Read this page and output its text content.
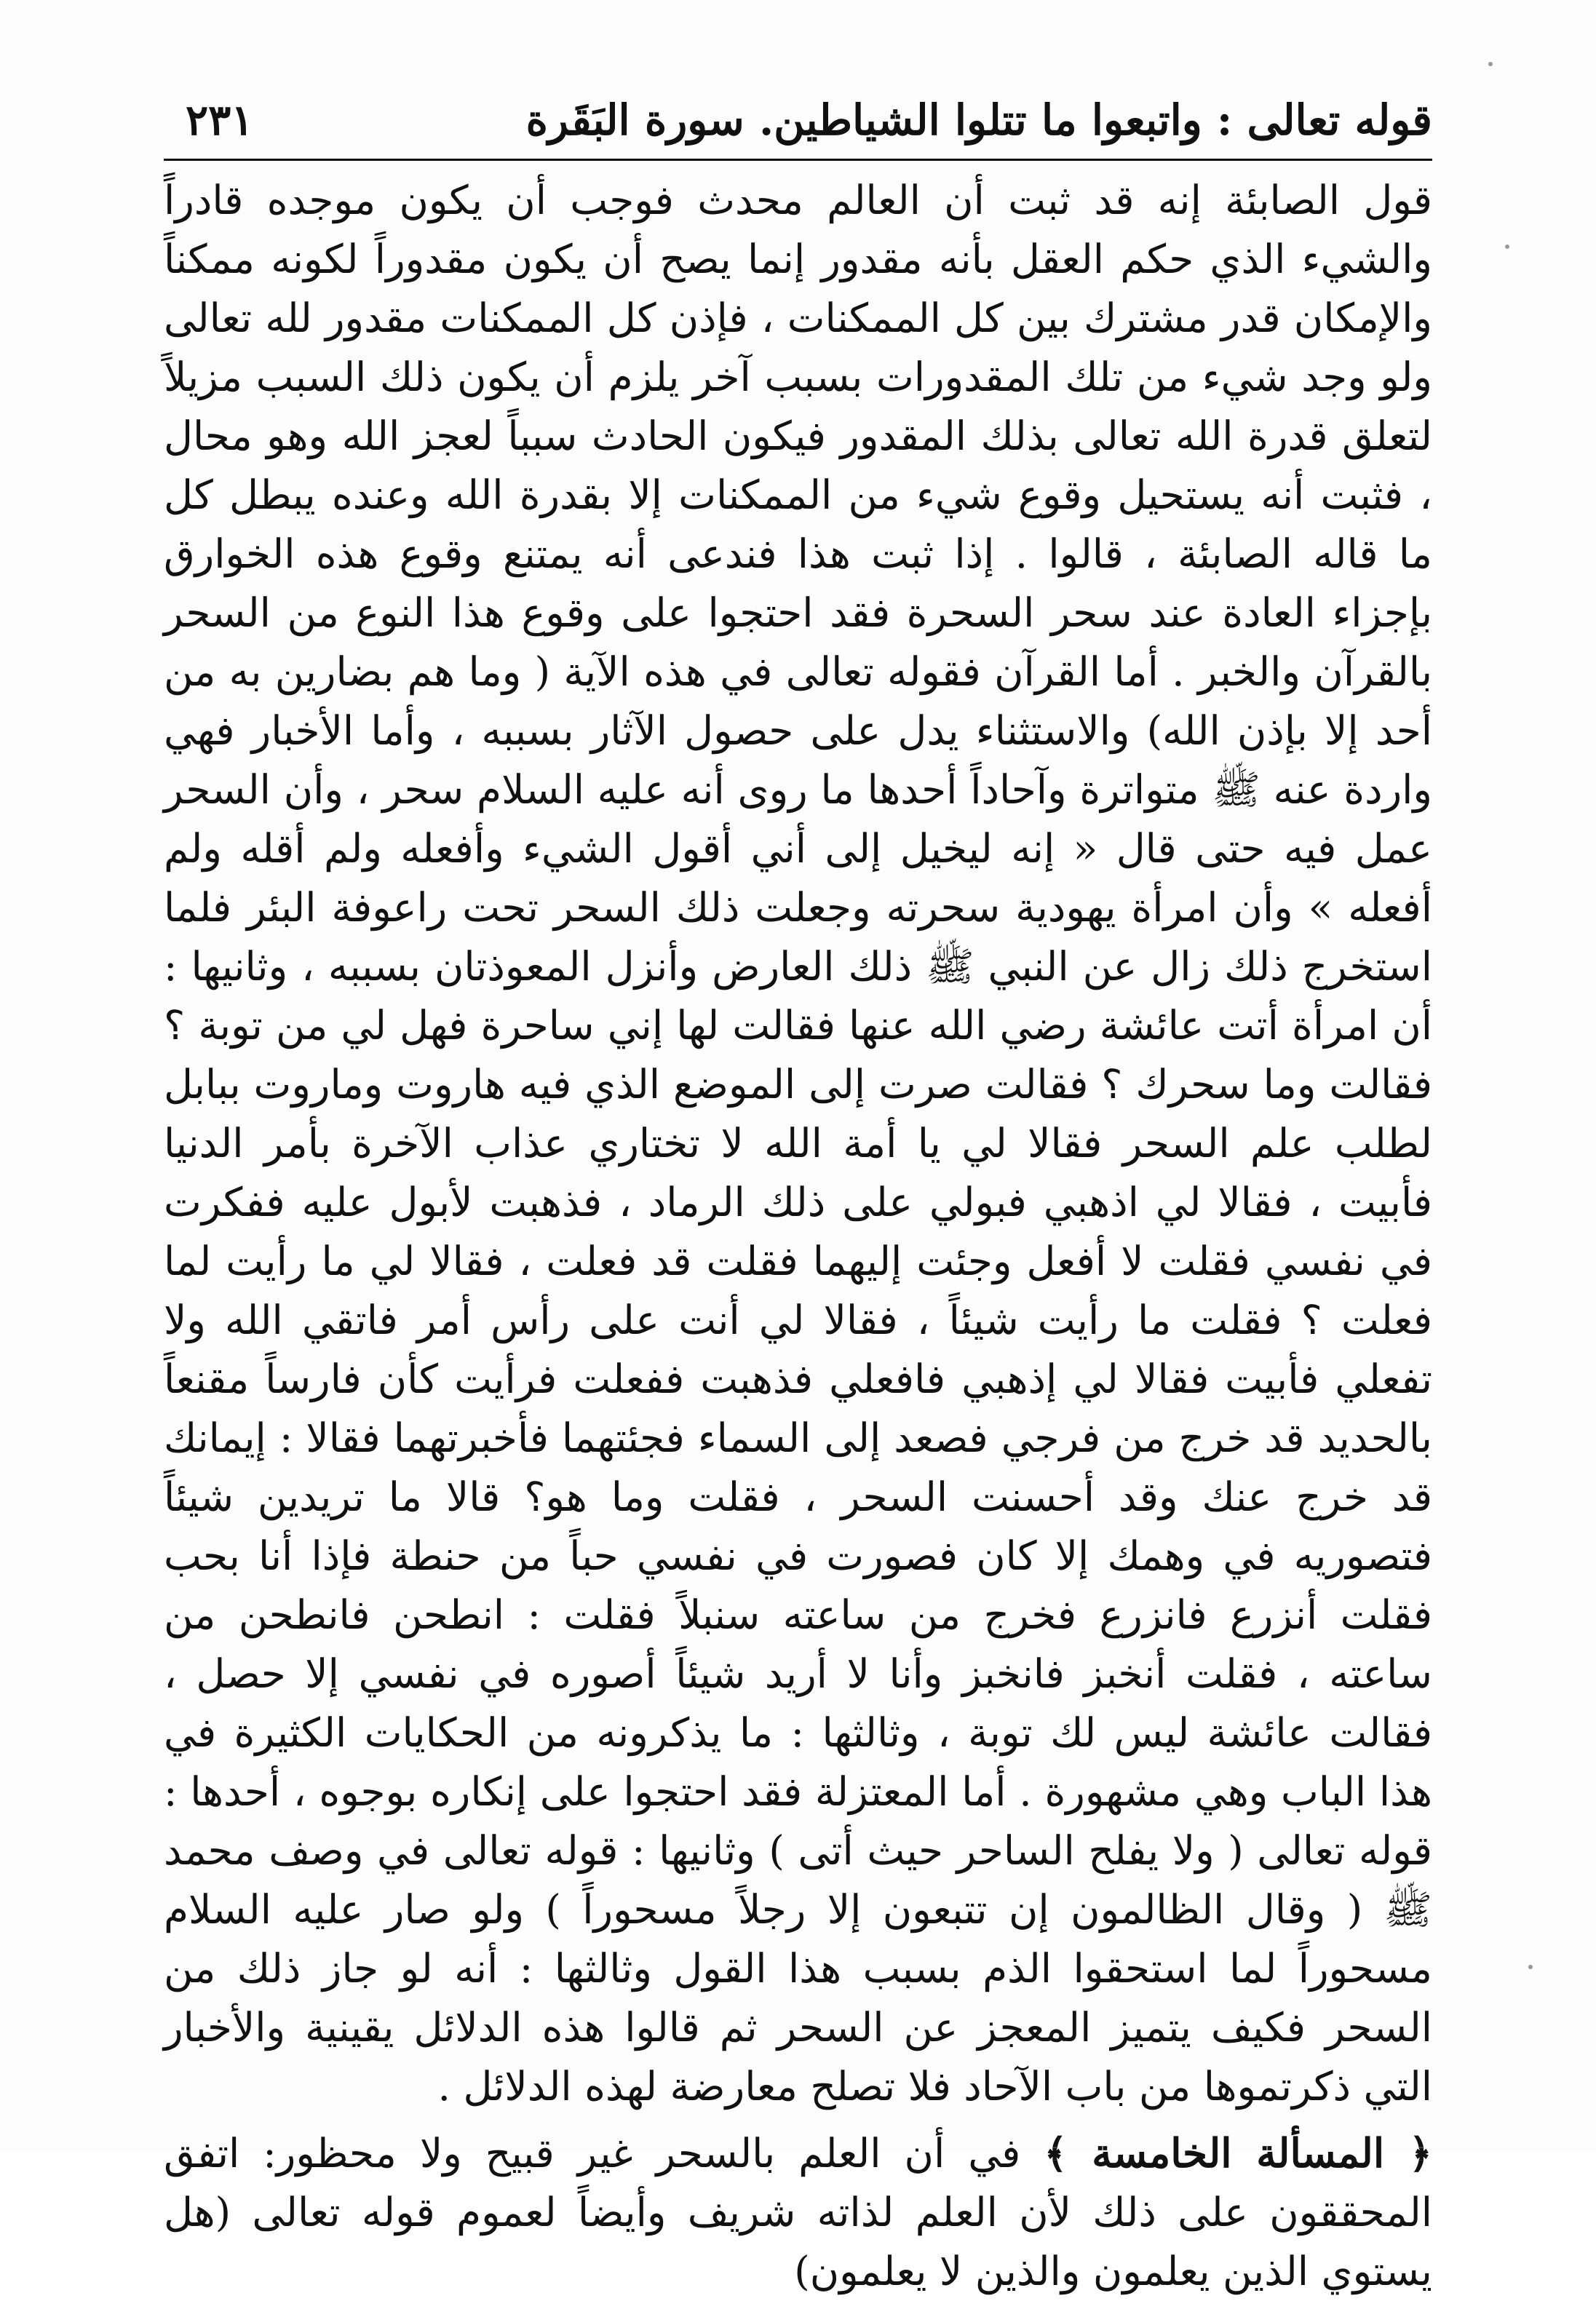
قوله تعالى : واتبعوا ما تتلوا الشياطين. سورة البَقَرة
٢٣١

قول الصابئة إنه قد ثبت أن العالم محدث فوجب أن يكون موجده قادراً والشيء الذي حكم العقل بأنه مقدور إنما يصح أن يكون مقدوراً لكونه ممكناً والإمكان قدر مشترك بين كل الممكنات ، فإذن كل الممكنات مقدور لله تعالى ولو وجد شيء من تلك المقدورات بسبب آخر يلزم أن يكون ذلك السبب مزيلاً لتعلق قدرة الله تعالى بذلك المقدور فيكون الحادث سبباً لعجز الله وهو محال ، فثبت أنه يستحيل وقوع شيء من الممكنات إلا بقدرة الله وعنده يبطل كل ما قاله الصابئة ، قالوا . إذا ثبت هذا فندعى أنه يمتنع وقوع هذه الخوارق بإجزاء العادة عند سحر السحرة فقد احتجوا على وقوع هذا النوع من السحر بالقرآن والخبر . أما القرآن فقوله تعالى في هذه الآية ( وما هم بضارين به من أحد إلا بإذن الله) والاستثناء يدل على حصول الآثار بسببه ، وأما الأخبار فهي واردة عنه ﷺ متواترة وآحاداً أحدها ما روى أنه عليه السلام سحر ، وأن السحر عمل فيه حتى قال « إنه ليخيل إلى أني أقول الشيء وأفعله ولم أقله ولم أفعله » وأن امرأة يهودية سحرته وجعلت ذلك السحر تحت راعوفة البئر فلما استخرج ذلك زال عن النبي ﷺ ذلك العارض وأنزل المعوذتان بسببه ، وثانيها : أن امرأة أتت عائشة رضي الله عنها فقالت لها إني ساحرة فهل لي من توبة ؟ فقالت وما سحرك ؟ فقالت صرت إلى الموضع الذي فيه هاروت وماروت ببابل لطلب علم السحر فقالا لي يا أمة الله لا تختاري عذاب الآخرة بأمر الدنيا فأبيت ، فقالا لي اذهبي فبولي على ذلك الرماد ، فذهبت لأبول عليه ففكرت في نفسي فقلت لا أفعل وجئت إليهما فقلت قد فعلت ، فقالا لي ما رأيت لما فعلت ؟ فقلت ما رأيت شيئاً ، فقالا لي أنت على رأس أمر فاتقي الله ولا تفعلي فأبيت فقالا لي إذهبي فافعلي فذهبت ففعلت فرأيت كأن فارساً مقنعاً بالحديد قد خرج من فرجي فصعد إلى السماء فجئتهما فأخبرتهما فقالا : إيمانك قد خرج عنك وقد أحسنت السحر ، فقلت وما هو؟ قالا ما تريدين شيئاً فتصوريه في وهمك إلا كان فصورت في نفسي حباً من حنطة فإذا أنا بحب فقلت أنزرع فانزرع فخرج من ساعته سنبلاً فقلت : انطحن فانطحن من ساعته ، فقلت أنخبز فانخبز وأنا لا أريد شيئاً أصوره في نفسي إلا حصل ، فقالت عائشة ليس لك توبة ، وثالثها : ما يذكرونه من الحكايات الكثيرة في هذا الباب وهي مشهورة . أما المعتزلة فقد احتجوا على إنكاره بوجوه ، أحدها : قوله تعالى ( ولا يفلح الساحر حيث أتى ) وثانيها : قوله تعالى في وصف محمد ﷺ ( وقال الظالمون إن تتبعون إلا رجلاً مسحوراً ) ولو صار عليه السلام مسحوراً لما استحقوا الذم بسبب هذا القول وثالثها : أنه لو جاز ذلك من السحر فكيف يتميز المعجز عن السحر ثم قالوا هذه الدلائل يقينية والأخبار التي ذكرتموها من باب الآحاد فلا تصلح معارضة لهذه الدلائل .

﴿ المسألة الخامسة ﴾ في أن العلم بالسحر غير قبيح ولا محظور: اتفق المحققون على ذلك لأن العلم لذاته شريف وأيضاً لعموم قوله تعالى (هل يستوي الذين يعلمون والذين لا يعلمون)
